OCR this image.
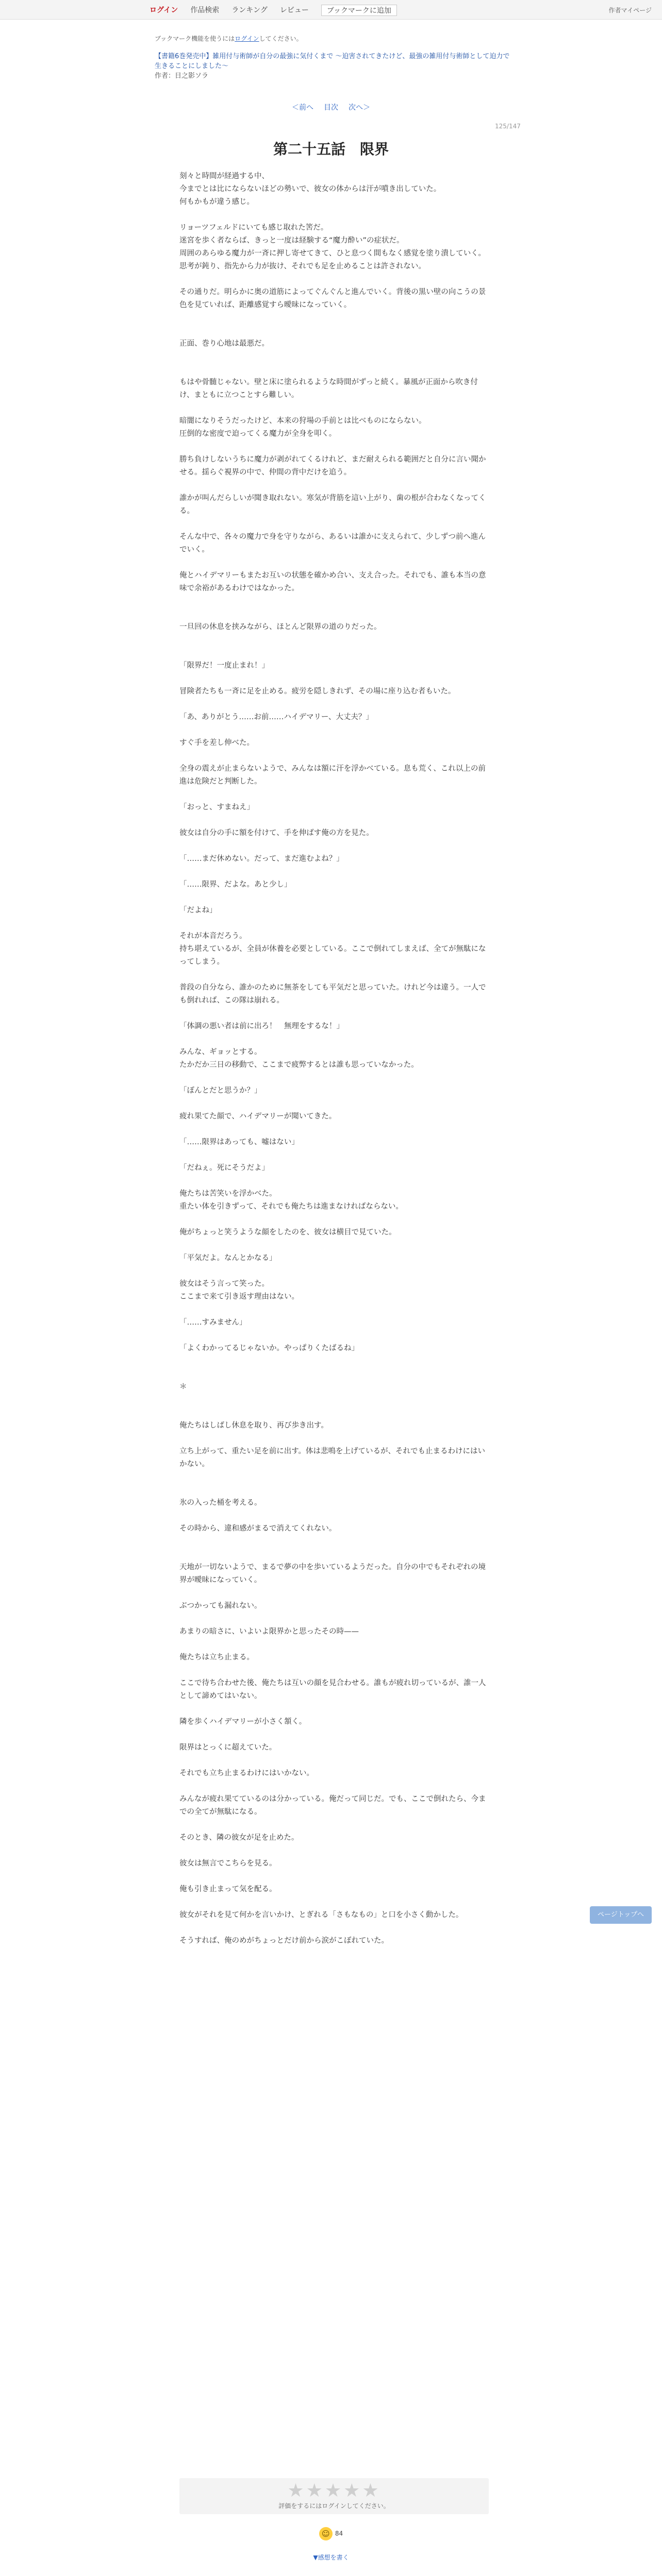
ログイン 作品検索 ランキング レビュー	ブックマークに追加	作者マイページ
ブックマーク機能を使うにはログインしてください。
【書籍6巻発売中】雑用付与術師が自分の最強に気付くまで ～迫害されてきたけど、最強の雑用付与術師として迫力で生きることにしました～
作者：日之影ソラ
＜前へ 目次 次へ＞
125/147
第二十五話　限界

刻々と時間が経過する中、

今までとは比にならないほどの勢いで、彼女の体からは汗が噴き出していた。

何もかもが違う感じ。

リョーツフェルドにいても感じ取れた筈だ。

迷宮を歩く者ならば、きっと一度は経験する“魔力酔い”の症状だ。

周囲のあらゆる魔力が一斉に押し寄せてきて、ひと息つく間もなく感覚を塗り潰していく。思考が鈍り、指先から力が抜け、それでも足を止めることは許されない。

その通りだ。明らかに奥の道筋によってぐんぐんと進んでいく。背後の黒い壁の向こうの景色を見ていれば、距離感覚すら曖昧になっていく。

正面、巻り心地は最悪だ。

もはや骨髄じゃない。壁と床に塗られるような時間がずっと続く。暴風が正面から吹き付け、まともに立つことすら難しい。

暗闇になりそうだったけど、本来の狩場の手前とは比べものにならない。

圧倒的な密度で迫ってくる魔力が全身を叩く。

勝ち負けしないうちに魔力が剥がれてくるけれど、まだ耐えられる範囲だと自分に言い聞かせる。揺らぐ視界の中で、仲間の背中だけを追う。

誰かが叫んだらしいが聞き取れない。寒気が背筋を這い上がり、歯の根が合わなくなってくる。

そんな中で、各々の魔力で身を守りながら、あるいは誰かに支えられて、少しずつ前へ進んでいく。

俺とハイデマリーもまたお互いの状態を確かめ合い、支え合った。それでも、誰も本当の意味で余裕があるわけではなかった。

一旦回の休息を挟みながら、ほとんど限界の道のりだった。

「限界だ！一度止まれ！」

冒険者たちも一斉に足を止める。疲労を隠しきれず、その場に座り込む者もいた。

「あ、ありがとう……お前……ハイデマリー、大丈夫？」

すぐ手を差し伸べた。

全身の震えが止まらないようで、みんなは額に汗を浮かべている。息も荒く、これ以上の前進は危険だと判断した。

「おっと、すまねえ」

彼女は自分の手に額を付けて、手を伸ばす俺の方を見た。

「……まだ休めない。だって、まだ進むよね？」

「……限界、だよな。あと少し」

「だよね」

それが本音だろう。

持ち堪えているが、全員が休養を必要としている。ここで倒れてしまえば、全てが無駄になってしまう。

普段の自分なら、誰かのために無茶をしても平気だと思っていた。けれど今は違う。一人でも倒れれば、この隊は崩れる。

「体調の悪い者は前に出ろ！　無理をするな！」

みんな、ギョッとする。

たかだか三日の移動で、ここまで疲弊するとは誰も思っていなかった。

「ぼんとだと思うか？」

疲れ果てた顔で、ハイデマリーが聞いてきた。

「……限界はあっても、嘘はない」

「だねぇ。死にそうだよ」

俺たちは苦笑いを浮かべた。

重たい体を引きずって、それでも俺たちは進まなければならない。

俺がちょっと笑うような顔をしたのを、彼女は横目で見ていた。

「平気だよ。なんとかなる」

彼女はそう言って笑った。

ここまで来て引き返す理由はない。

「……すみません」

「よくわかってるじゃないか。やっぱりくたばるね」

＊

俺たちはしばし休息を取り、再び歩き出す。

立ち上がって、重たい足を前に出す。体は悲鳴を上げているが、それでも止まるわけにはいかない。

氷の入った桶を考える。

その時から、違和感がまるで消えてくれない。

天地が一切ないようで、まるで夢の中を歩いているようだった。自分の中でもそれぞれの境界が曖昧になっていく。

ぶつかっても漏れない。

あまりの暗さに、いよいよ限界かと思ったその時——

俺たちは立ち止まる。

ここで待ち合わせた後、俺たちは互いの顔を見合わせる。誰もが疲れ切っているが、誰一人として諦めてはいない。

隣を歩くハイデマリーが小さく頷く。

限界はとっくに超えていた。

それでも立ち止まるわけにはいかない。

みんなが疲れ果てているのは分かっている。俺だって同じだ。でも、ここで倒れたら、今までの全てが無駄になる。

そのとき、隣の彼女が足を止めた。

彼女は無言でこちらを見る。

俺も引き止まって気を配る。

彼女がそれを見て何かを言いかけ、とぎれる「さもなもの」と口を小さく動かした。

そうすれば、俺のめがちょっとだけ前から涙がこぼれていた。

ページトップへ
★★★★★
評価をするにはログインしてください。
☺ 84
▼感想を書く
